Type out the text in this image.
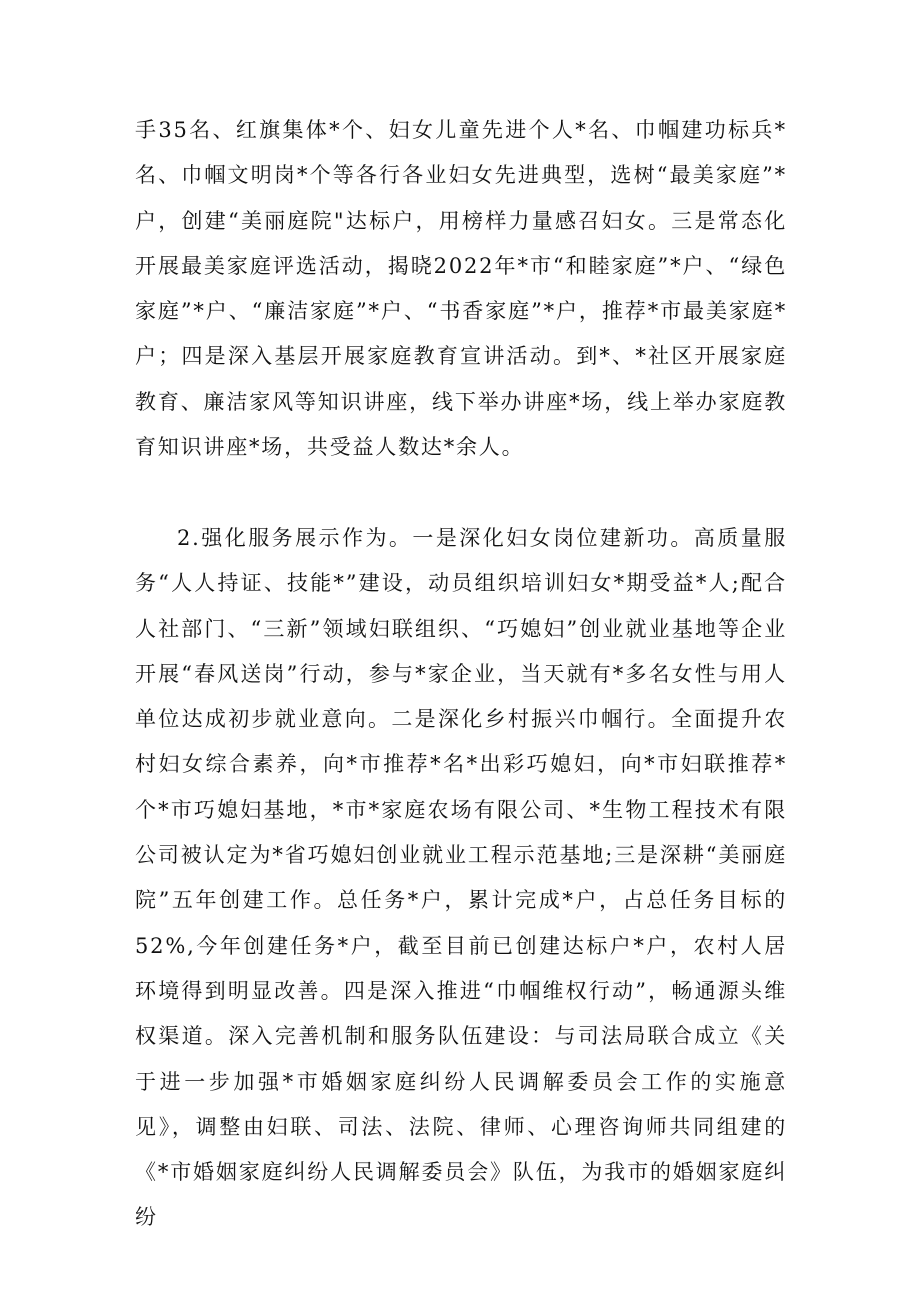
手35名、红旗集体*个、妇女儿童先进个人*名、巾帼建功标兵*名、巾帼文明岗*个等各行各业妇女先进典型，选树“最美家庭”*户，创建“美丽庭院"达标户，用榜样力量感召妇女。三是常态化开展最美家庭评选活动，揭晓2022年*市“和睦家庭”*户、“绿色家庭”*户、“廉洁家庭”*户、“书香家庭”*户，推荐*市最美家庭*户；四是深入基层开展家庭教育宣讲活动。到*、*社区开展家庭教育、廉洁家风等知识讲座，线下举办讲座*场，线上举办家庭教育知识讲座*场，共受益人数达*余人。

2.强化服务展示作为。一是深化妇女岗位建新功。高质量服务“人人持证、技能*”建设，动员组织培训妇女*期受益*人;配合人社部门、“三新”领域妇联组织、“巧媳妇”创业就业基地等企业开展“春风送岗”行动，参与*家企业，当天就有*多名女性与用人单位达成初步就业意向。二是深化乡村振兴巾帼行。全面提升农村妇女综合素养，向*市推荐*名*出彩巧媳妇，向*市妇联推荐*个*市巧媳妇基地，*市*家庭农场有限公司、*生物工程技术有限公司被认定为*省巧媳妇创业就业工程示范基地;三是深耕“美丽庭院”五年创建工作。总任务*户，累计完成*户，占总任务目标的52%,今年创建任务*户，截至目前已创建达标户*户，农村人居环境得到明显改善。四是深入推进“巾帼维权行动”，畅通源头维权渠道。深入完善机制和服务队伍建设：与司法局联合成立《关于进一步加强*市婚姻家庭纠纷人民调解委员会工作的实施意见》，调整由妇联、司法、法院、律师、心理咨询师共同组建的《*市婚姻家庭纠纷人民调解委员会》队伍，为我市的婚姻家庭纠纷
